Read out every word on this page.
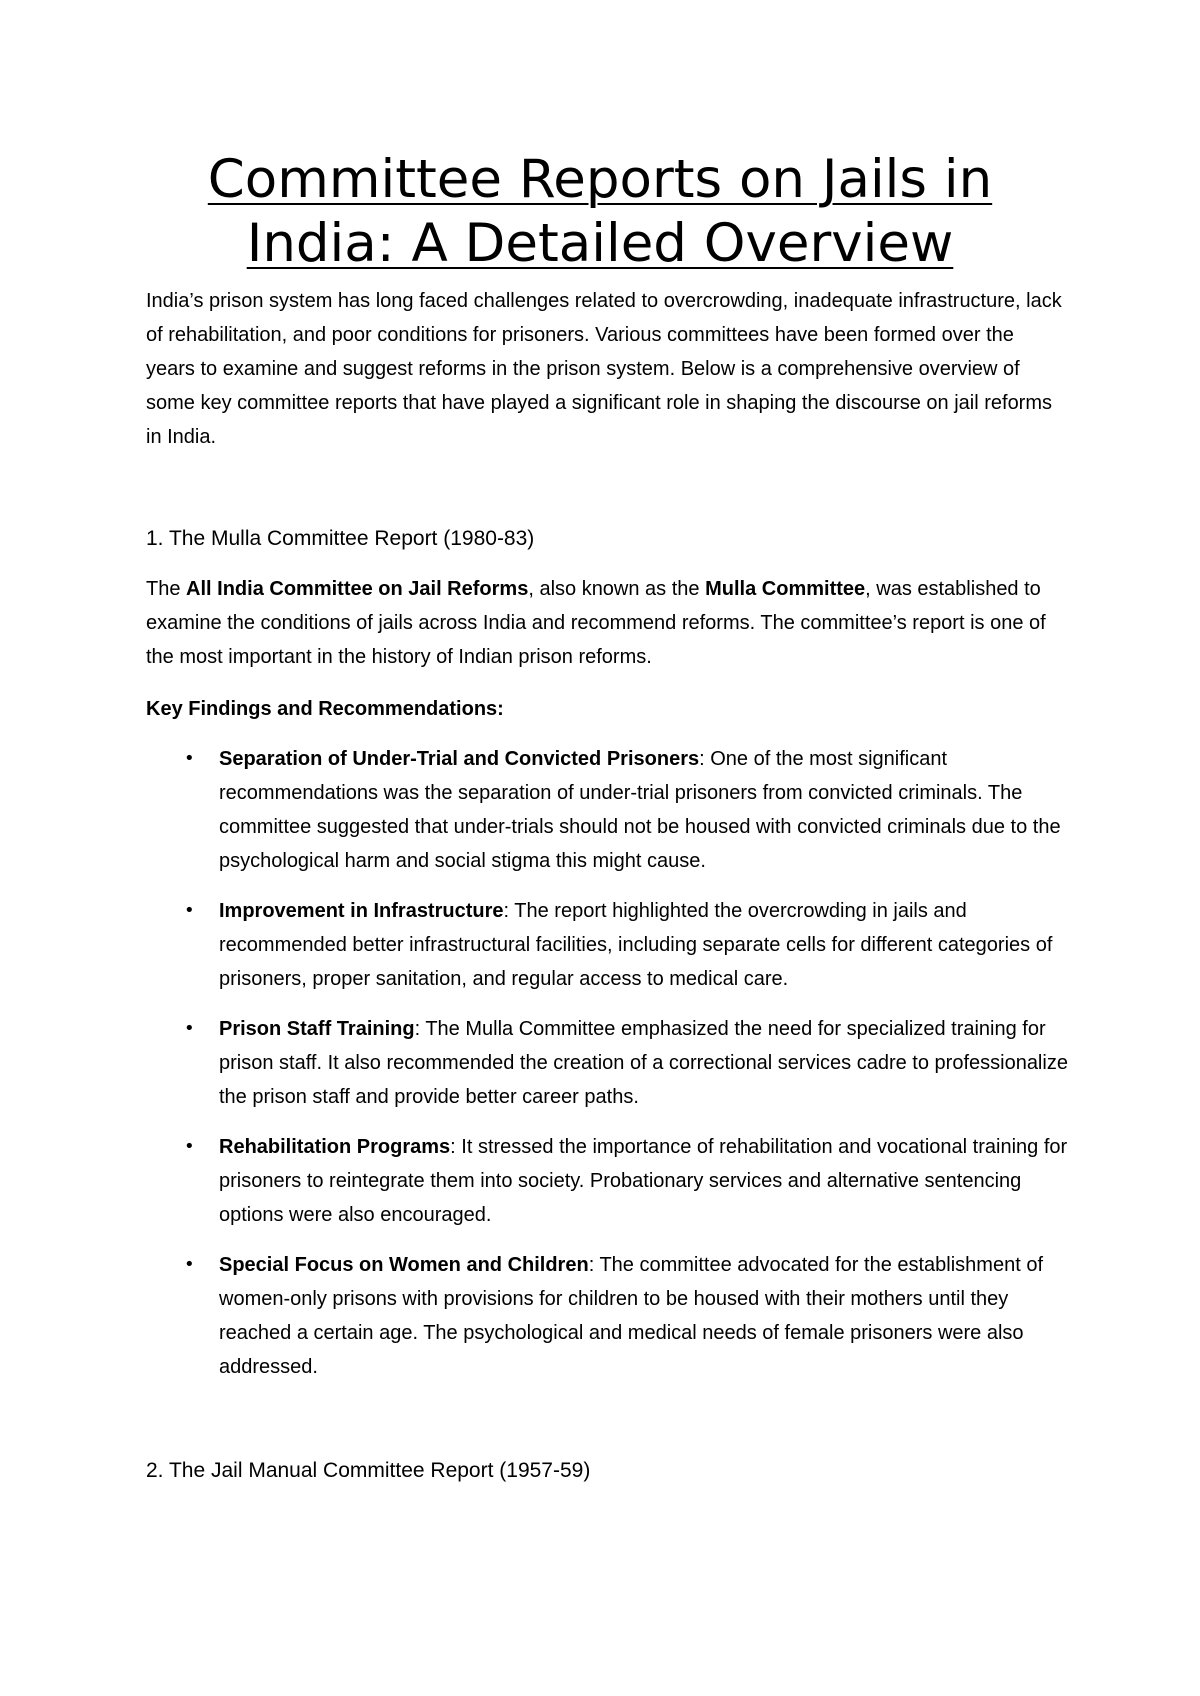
Committee Reports on Jails in India: A Detailed Overview

India’s prison system has long faced challenges related to overcrowding, inadequate infrastructure, lack of rehabilitation, and poor conditions for prisoners. Various committees have been formed over the years to examine and suggest reforms in the prison system. Below is a comprehensive overview of some key committee reports that have played a significant role in shaping the discourse on jail reforms in India.

1. The Mulla Committee Report (1980-83)

The All India Committee on Jail Reforms, also known as the Mulla Committee, was established to examine the conditions of jails across India and recommend reforms. The committee’s report is one of the most important in the history of Indian prison reforms.

Key Findings and Recommendations:
• Separation of Under-Trial and Convicted Prisoners: One of the most significant recommendations was the separation of under-trial prisoners from convicted criminals. The committee suggested that under-trials should not be housed with convicted criminals due to the psychological harm and social stigma this might cause.
• Improvement in Infrastructure: The report highlighted the overcrowding in jails and recommended better infrastructural facilities, including separate cells for different categories of prisoners, proper sanitation, and regular access to medical care.
• Prison Staff Training: The Mulla Committee emphasized the need for specialized training for prison staff. It also recommended the creation of a correctional services cadre to professionalize the prison staff and provide better career paths.
• Rehabilitation Programs: It stressed the importance of rehabilitation and vocational training for prisoners to reintegrate them into society. Probationary services and alternative sentencing options were also encouraged.
• Special Focus on Women and Children: The committee advocated for the establishment of women-only prisons with provisions for children to be housed with their mothers until they reached a certain age. The psychological and medical needs of female prisoners were also addressed.
2. The Jail Manual Committee Report (1957-59)
